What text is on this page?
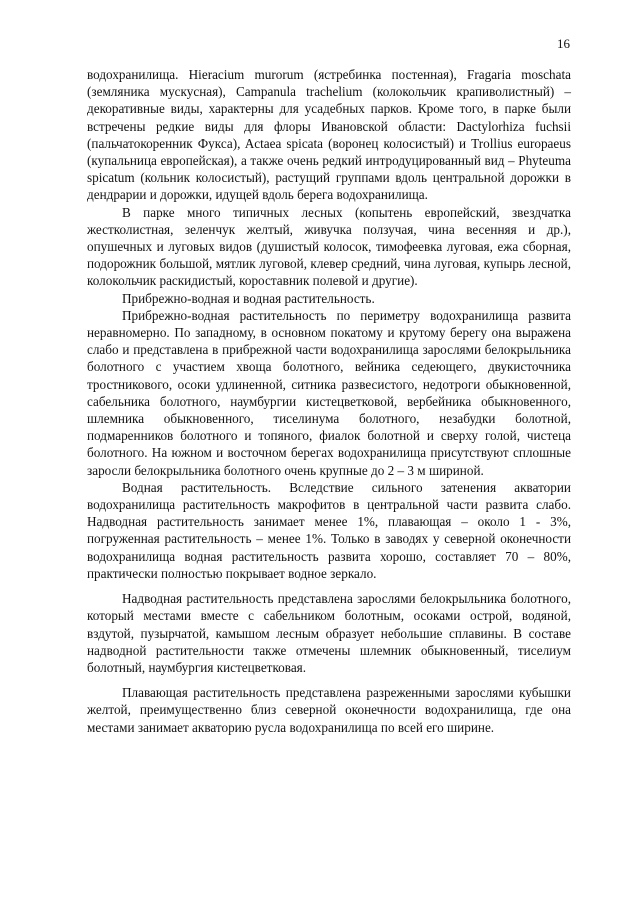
16

водохранилища. Hieracium murorum (ястребинка постенная), Fragaria moschata (земляника мускусная), Campanula trachelium (колокольчик крапиволистный) – декоративные виды, характерны для усадебных парков. Кроме того, в парке были встречены редкие виды для флоры Ивановской области: Dactylorhiza fuchsii (пальчатокоренник Фукса), Actaea spicata (воронец колосистый) и Trollius europaeus (купальница европейская), а также очень редкий интродуцированный вид – Phyteuma spicatum (кольник колосистый), растущий группами вдоль центральной дорожки в дендрарии и дорожки, идущей вдоль берега водохранилища.

В парке много типичных лесных (копытень европейский, звездчатка жестколистная, зеленчук желтый, живучка ползучая, чина весенняя и др.), опушечных и луговых видов (душистый колосок, тимофеевка луговая, ежа сборная, подорожник большой, мятлик луговой, клевер средний, чина луговая, купырь лесной, колокольчик раскидистый, короставник полевой и другие).

Прибрежно-водная и водная растительность.

Прибрежно-водная растительность по периметру водохранилища развита неравномерно. По западному, в основном покатому и крутому берегу она выражена слабо и представлена в прибрежной части водохранилища зарослями белокрыльника болотного с участием хвоща болотного, вейника седеющего, двукисточника тростникового, осоки удлиненной, ситника развесистого, недотроги обыкновенной, сабельника болотного, наумбургии кистецветковой, вербейника обыкновенного, шлемника обыкновенного, тиселинума болотного, незабудки болотной, подмаренников болотного и топяного, фиалок болотной и сверху голой, чистеца болотного. На южном и восточном берегах водохранилища присутствуют сплошные заросли белокрыльника болотного очень крупные до 2 – 3 м шириной.

Водная растительность. Вследствие сильного затенения акватории водохранилища растительность макрофитов в центральной части развита слабо. Надводная растительность занимает менее 1%, плавающая – около 1 - 3%, погруженная растительность – менее 1%. Только в заводях у северной оконечности водохранилища водная растительность развита хорошо, составляет 70 – 80%, практически полностью покрывает водное зеркало.

Надводная растительность представлена зарослями белокрыльника болотного, который местами вместе с сабельником болотным, осоками острой, водяной, вздутой, пузырчатой, камышом лесным образует небольшие сплавины. В составе надводной растительности также отмечены шлемник обыкновенный, тиселиум болотный, наумбургия кистецветковая.

Плавающая растительность представлена разреженными зарослями кубышки желтой, преимущественно близ северной оконечности водохранилища, где она местами занимает акваторию русла водохранилища по всей его ширине.
